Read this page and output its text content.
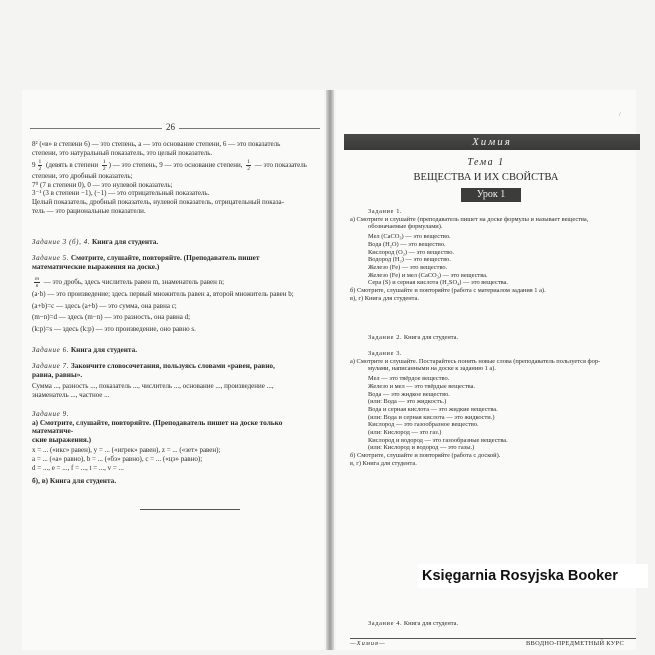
26
8² («в» в степени 6) — это степень, а — это основание степени, 6 — это показатель
степени, это натуральный показатель, это целый показатель.
$9 \frac{1}{2}$ (девять в степени $\frac{1}{2}$ ) — это степень, 9 — это основание степени, $\frac{1}{2}$ — это показатель
степени, это дробный показатель;
7⁰ (7 в степени 0), 0 — это нулевой показатель;
3⁻¹ (3 в степени −1), (−1) — это отрицательный показатель.
Целый показатель, дробный показатель, нулевой показатель, отрицательный показа-
тель — это рациональные показатели.
Задание 3 (б), 4. Книга для студента.
Задание 5. Смотрите, слушайте, повторяйте. (Преподаватель пишет
математические выражения на доске.)
$\frac{m}{n}$ — это дробь, здесь числитель равен m, знаменатель равен n;
(a·b) — это произведение; здесь первый множитель равен a, второй множитель равен b;
(a+b)=c — здесь (a+b) — это сумма, она равна c;
(m−n)=d — здесь (m−n) — это разность, она равна d;
(k:p)=s — здесь (k:p) — это произведение, оно равно s.
Задание 6. Книга для студента.
Задание 7. Закончите словосочетания, пользуясь словами «равен, равно,
равна, равны».
Сумма ..., разность ..., показатель ..., числитель ..., основание ..., произведение ...,
знаменатель ..., частное ...
Задание 9.
а) Смотрите, слушайте, повторяйте. (Преподаватель пишет на доске только математиче-
ские выражения.)
x = ... («икс» равен), y = ... («игрек» равен), z = ... («зет» равен);
a = ... («а» равно), b = ... («бэ» равно), c = ... («цэ» равно);
d = ..., e = ..., f = ..., t = ..., v = ...
б), в) Книга для студента.
/
Химия
Тема 1
ВЕЩЕСТВА И ИХ СВОЙСТВА
Урок 1
Задание 1.
а) Смотрите и слушайте (преподаватель пишет на доске формулы и называет вещества,
обозначаемые формулами).
Мел (CaCO₃) — это вещество.
Вода (H₂O) — это вещество.
Кислород (O₂) — это вещество.
Водород (H₂) — это вещество.
Железо (Fe) — это вещество.
Железо (Fe) и мел (CaCO₃) — это вещества.
Сера (S) и серная кислота (H₂SO₄) — это вещества.
б) Смотрите, слушайте и повторяйте (работа с материалом задания 1 а).
в), г) Книга для студента.
Задание 2. Книга для студента.
Задание 3.
а) Смотрите и слушайте. Постарайтесь понять новые слова (преподаватель пользуется фор-
мулами, написанными на доске к заданию 1 а).
Мел — это твёрдое вещество.
Железо и мел — это твёрдые вещества.
Вода — это жидкое вещество.
(или: Вода — это жидкость.)
Вода и серная кислота — это жидкие вещества.
(или: Вода и серная кислота — это жидкости.)
Кислород — это газообразное вещество.
(или: Кислород — это газ.)
Кислород и водород — это газообразные вещества.
(или: Кислород и водород — это газы.)
б) Смотрите, слушайте и повторяйте (работа с доской).
в, г) Книга для студента.
Задание 4. Книга для студента.
—Химия—	ВВОДНО-ПРЕДМЕТНЫЙ КУРС
Księgarnia Rosyjska Booker
